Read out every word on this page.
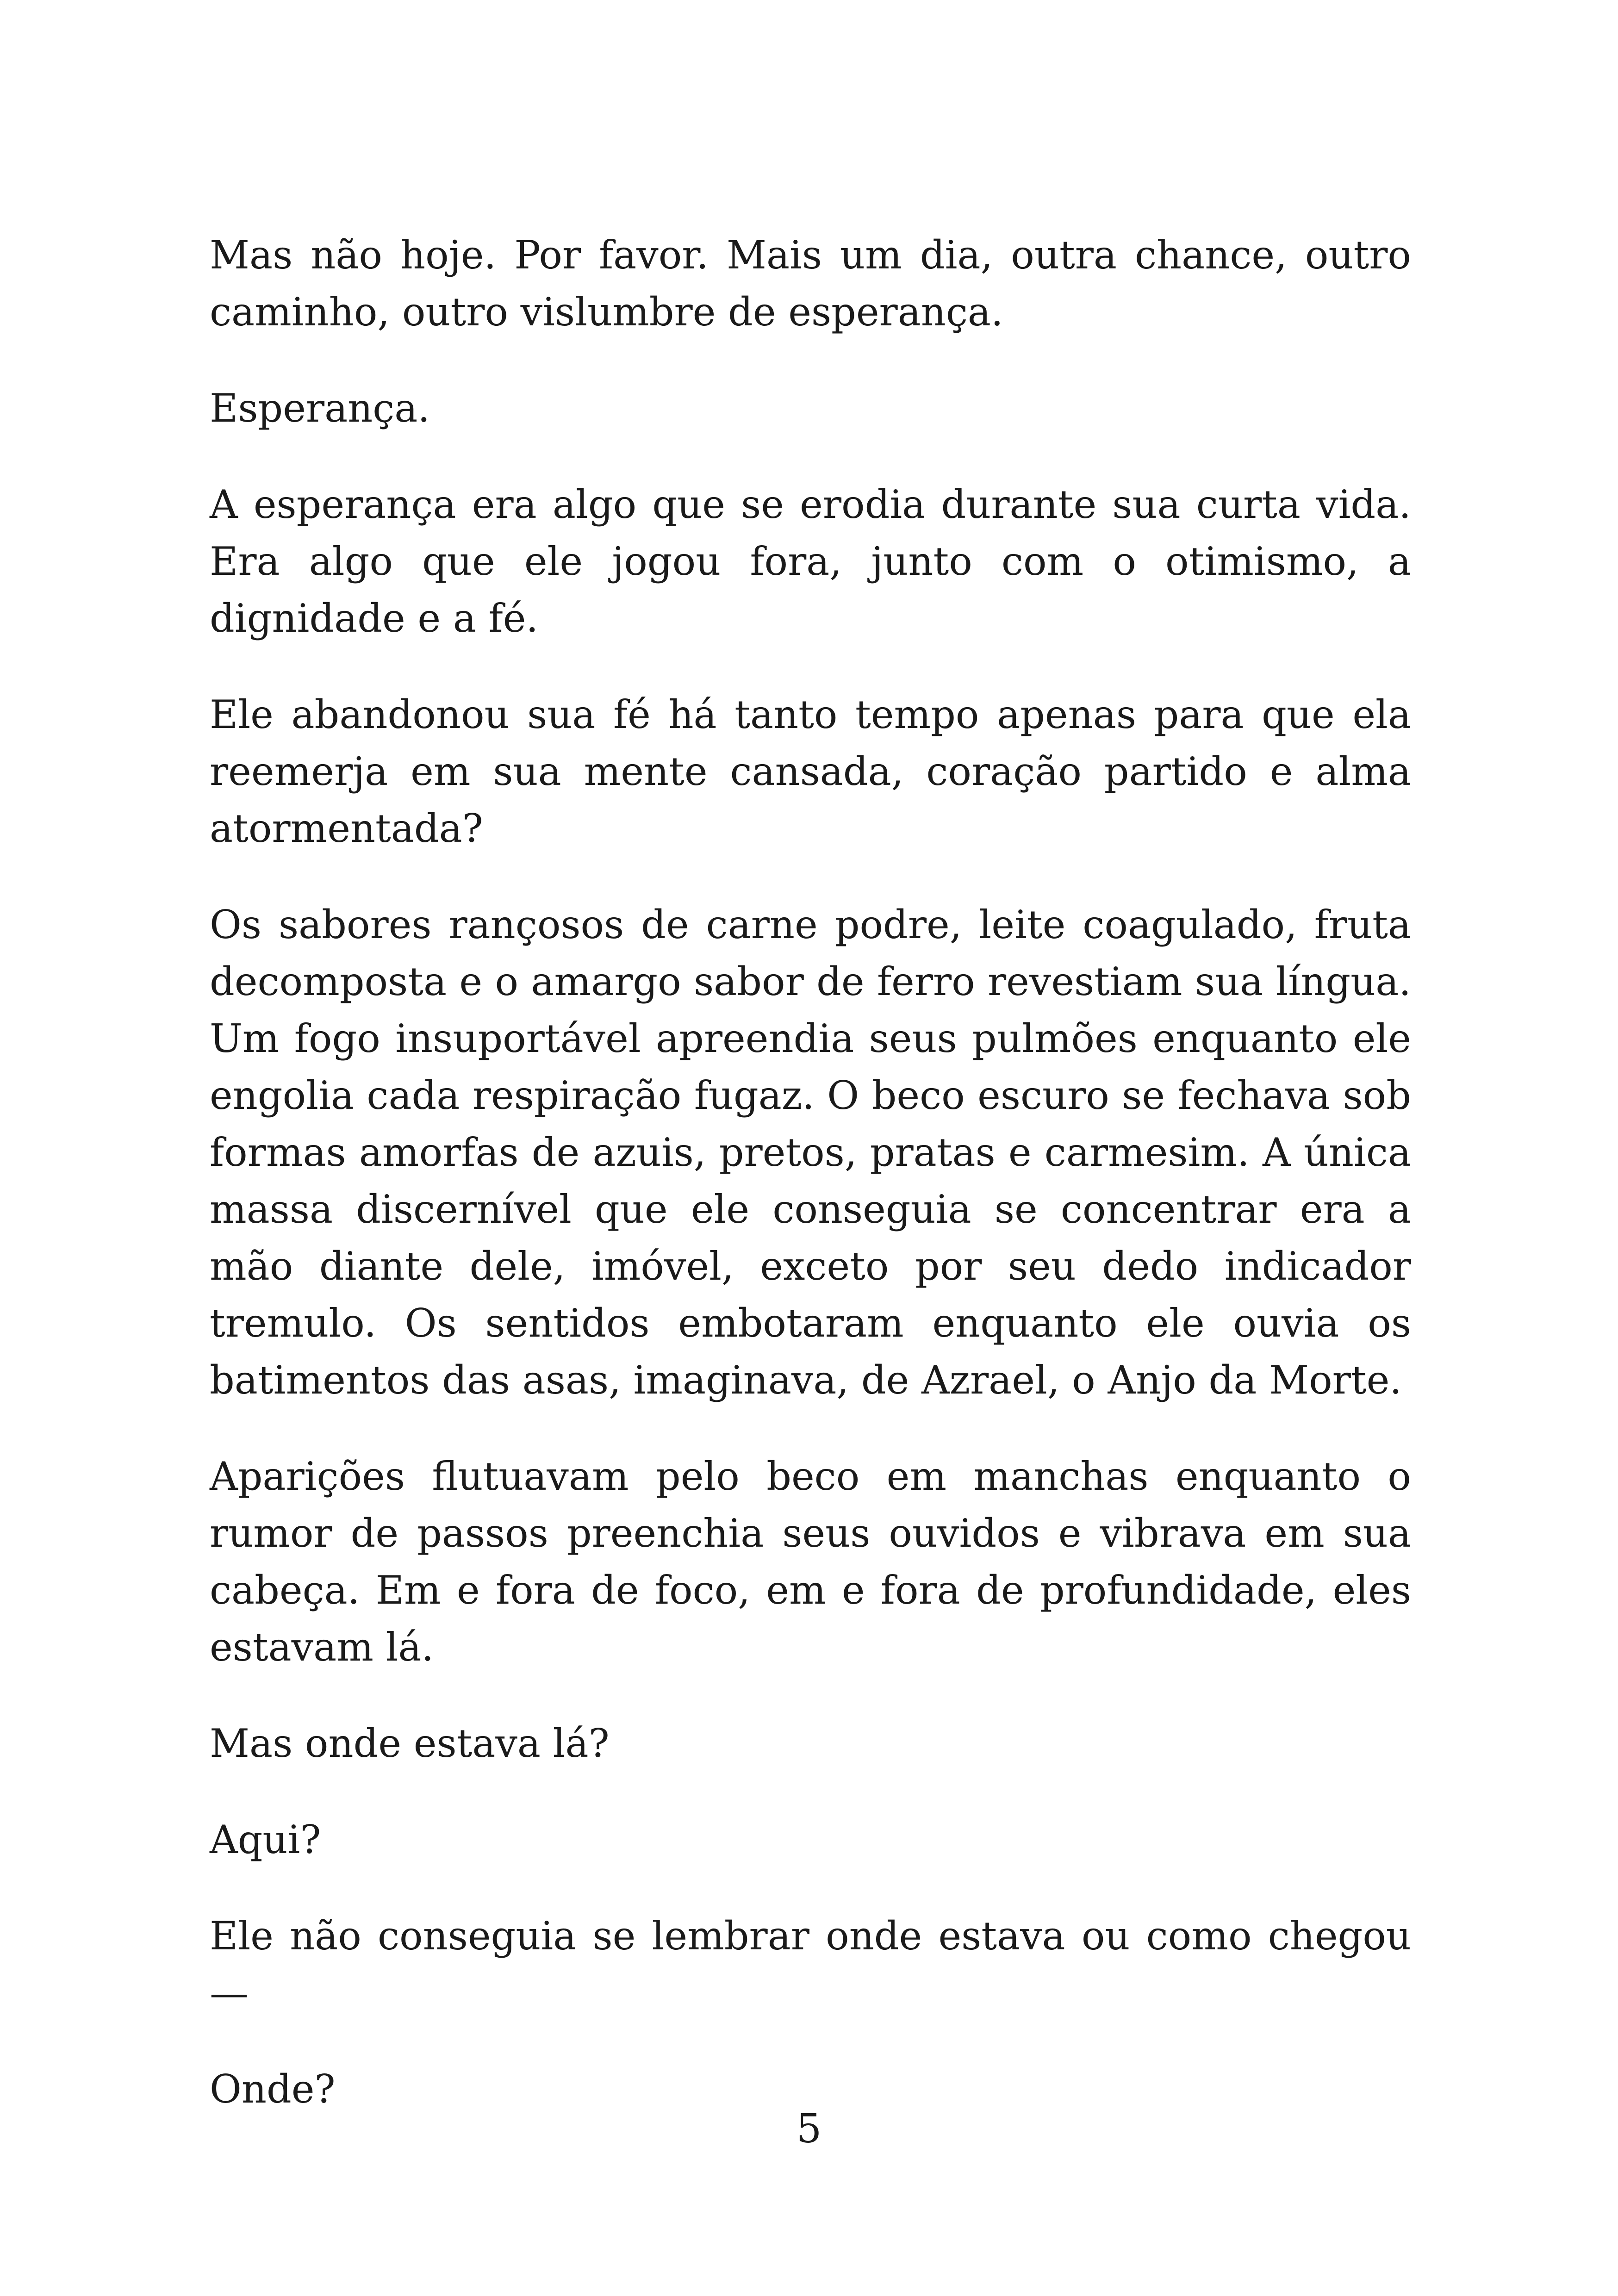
Mas não hoje. Por favor. Mais um dia, outra chance, outro caminho, outro vislumbre de esperança.

Esperança.

A esperança era algo que se erodia durante sua curta vida. Era algo que ele jogou fora, junto com o otimismo, a dignidade e a fé.

Ele abandonou sua fé há tanto tempo apenas para que ela reemerja em sua mente cansada, coração partido e alma atormentada?

Os sabores rançosos de carne podre, leite coagulado, fruta decomposta e o amargo sabor de ferro revestiam sua língua. Um fogo insuportável apreendia seus pulmões enquanto ele engolia cada respiração fugaz. O beco escuro se fechava sob formas amorfas de azuis, pretos, pratas e carmesim. A única massa discernível que ele conseguia se concentrar era a mão diante dele, imóvel, exceto por seu dedo indicador tremulo. Os sentidos embotaram enquanto ele ouvia os batimentos das asas, imaginava, de Azrael, o Anjo da Morte.

Aparições flutuavam pelo beco em manchas enquanto o rumor de passos preenchia seus ouvidos e vibrava em sua cabeça. Em e fora de foco, em e fora de profundidade, eles estavam lá.

Mas onde estava lá?

Aqui?

Ele não conseguia se lembrar onde estava ou como chegou—

Onde?

5
